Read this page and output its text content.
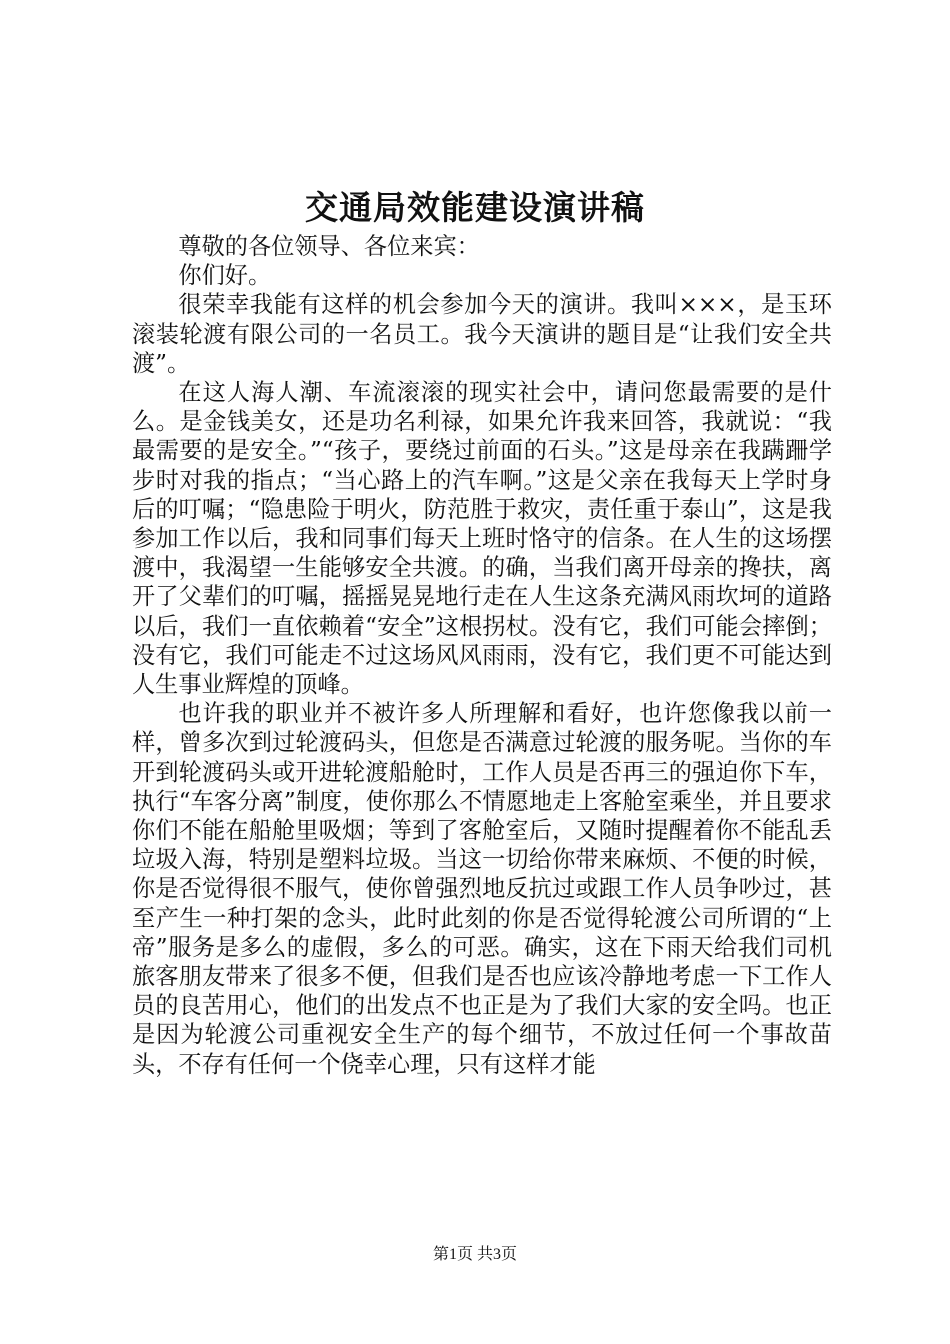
交通局效能建设演讲稿

尊敬的各位领导、各位来宾：

你们好。

很荣幸我能有这样的机会参加今天的演讲。我叫×××，是玉环滚装轮渡有限公司的一名员工。我今天演讲的题目是“让我们安全共渡”。

在这人海人潮、车流滚滚的现实社会中，请问您最需要的是什么。是金钱美女，还是功名利禄，如果允许我来回答，我就说：“我最需要的是安全。”“孩子，要绕过前面的石头。”这是母亲在我蹒跚学步时对我的指点；“当心路上的汽车啊。”这是父亲在我每天上学时身后的叮嘱；“隐患险于明火，防范胜于救灾，责任重于泰山”，这是我参加工作以后，我和同事们每天上班时恪守的信条。在人生的这场摆渡中，我渴望一生能够安全共渡。的确，当我们离开母亲的搀扶，离开了父辈们的叮嘱，摇摇晃晃地行走在人生这条充满风雨坎坷的道路以后，我们一直依赖着“安全”这根拐杖。没有它，我们可能会摔倒；没有它，我们可能走不过这场风风雨雨，没有它，我们更不可能达到人生事业辉煌的顶峰。

也许我的职业并不被许多人所理解和看好，也许您像我以前一样，曾多次到过轮渡码头，但您是否满意过轮渡的服务呢。当你的车开到轮渡码头或开进轮渡船舱时，工作人员是否再三的强迫你下车，执行“车客分离”制度，使你那么不情愿地走上客舱室乘坐，并且要求你们不能在船舱里吸烟；等到了客舱室后，又随时提醒着你不能乱丢垃圾入海，特别是塑料垃圾。当这一切给你带来麻烦、不便的时候，你是否觉得很不服气，使你曾强烈地反抗过或跟工作人员争吵过，甚至产生一种打架的念头，此时此刻的你是否觉得轮渡公司所谓的“上帝”服务是多么的虚假，多么的可恶。确实，这在下雨天给我们司机旅客朋友带来了很多不便，但我们是否也应该冷静地考虑一下工作人员的良苦用心，他们的出发点不也正是为了我们大家的安全吗。也正是因为轮渡公司重视安全生产的每个细节，不放过任何一个事故苗头，不存有任何一个侥幸心理，只有这样才能

第1页 共3页
